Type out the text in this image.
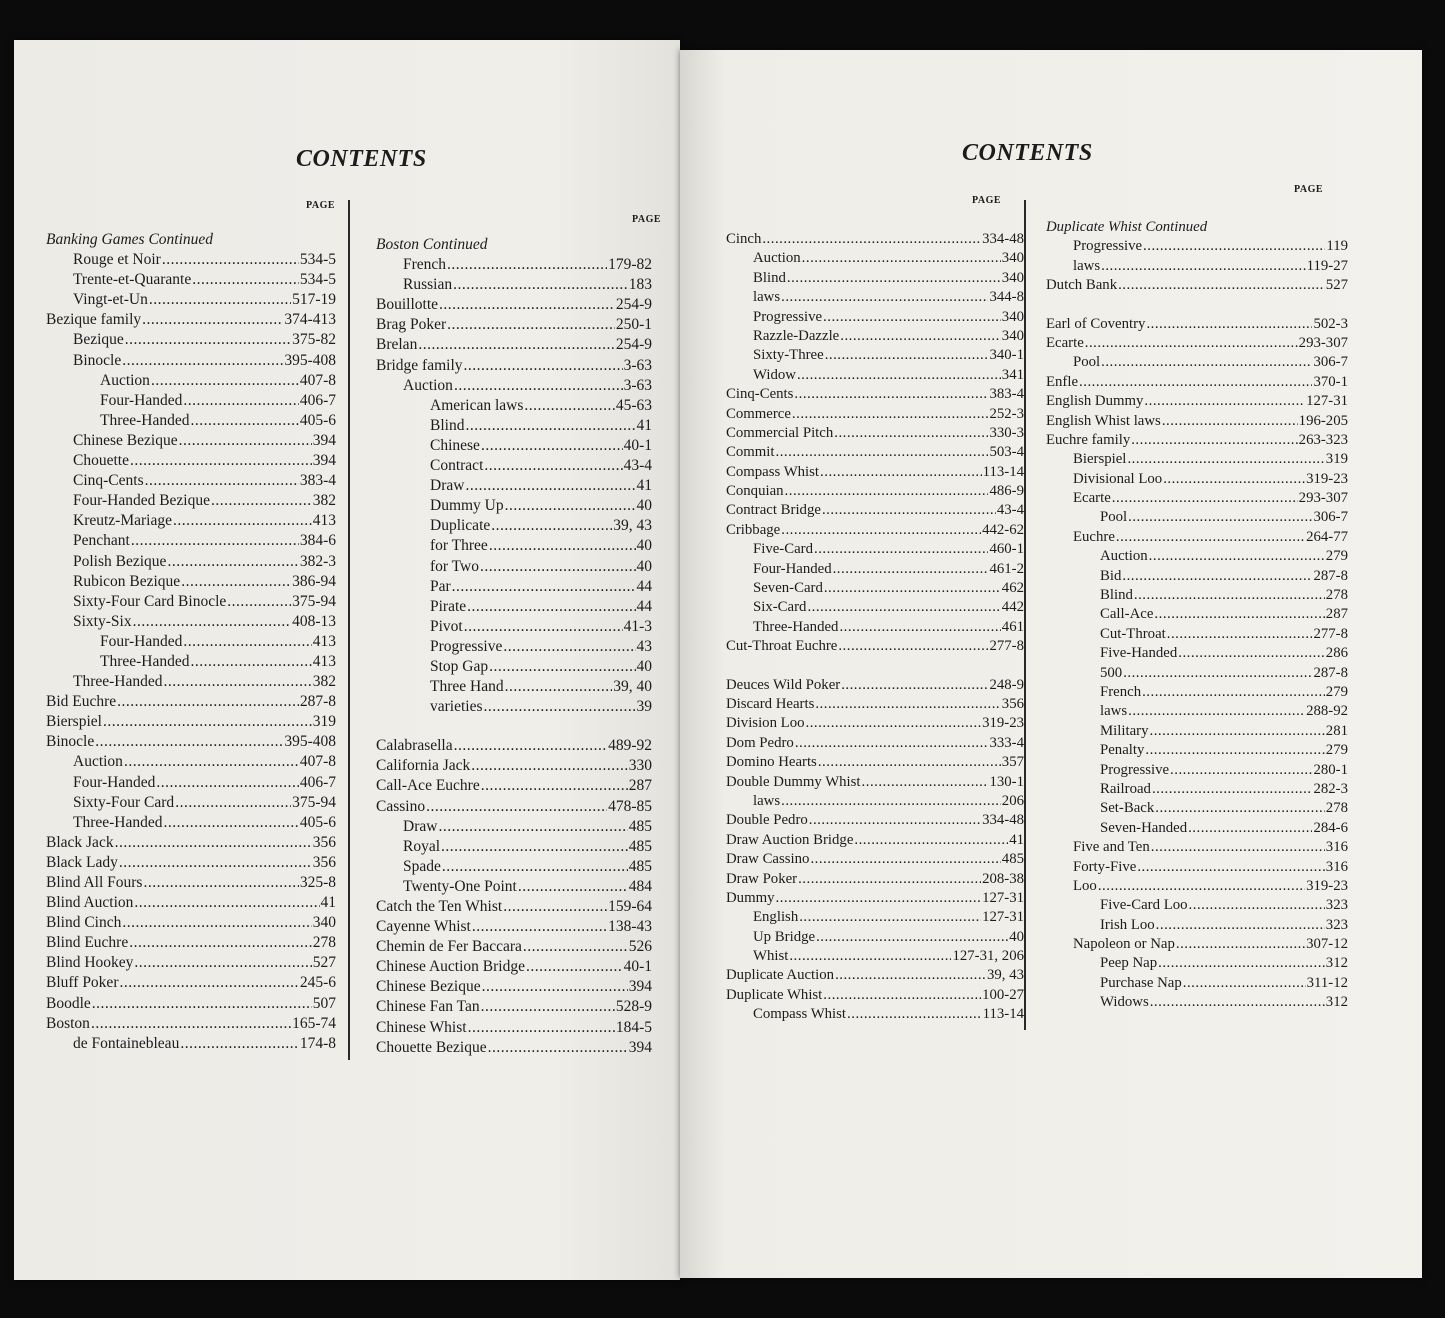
CONTENTS
PAGE
PAGE
Banking Games Continued
Rouge et Noir .....	534-5
Trente-et-Quarante .....	534-5
Vingt-et-Un .....	517-19
Bezique family .....	374-413
Bezique .....	375-82
Binocle .....	395-408
Auction .....	407-8
Four-Handed .....	406-7
Three-Handed .....	405-6
Chinese Bezique .....	394
Chouette .....	394
Cinq-Cents .....	383-4
Four-Handed Bezique .....	382
Kreutz-Mariage .....	413
Penchant .....	384-6
Polish Bezique .....	382-3
Rubicon Bezique .....	386-94
Sixty-Four Card Binocle .....	375-94
Sixty-Six .....	408-13
Four-Handed .....	413
Three-Handed .....	413
Three-Handed .....	382
Bid Euchre .....	287-8
Bierspiel .....	319
Binocle .....	395-408
Auction .....	407-8
Four-Handed .....	406-7
Sixty-Four Card .....	375-94
Three-Handed .....	405-6
Black Jack .....	356
Black Lady .....	356
Blind All Fours .....	325-8
Blind Auction .....	41
Blind Cinch .....	340
Blind Euchre .....	278
Blind Hookey .....	527
Bluff Poker .....	245-6
Boodle .....	507
Boston .....	165-74
de Fontainebleau .....	174-8
Boston Continued
French .....	179-82
Russian .....	183
Bouillotte .....	254-9
Brag Poker .....	250-1
Brelan .....	254-9
Bridge family .....	3-63
Auction .....	3-63
American laws .....	45-63
Blind .....	41
Chinese .....	40-1
Contract .....	43-4
Draw .....	41
Dummy Up .....	40
Duplicate .....	39, 43
for Three .....	40
for Two .....	40
Par .....	44
Pirate .....	44
Pivot .....	41-3
Progressive .....	43
Stop Gap .....	40
Three Hand .....	39, 40
varieties .....	39
Calabrasella .....	489-92
California Jack .....	330
Call-Ace Euchre .....	287
Cassino .....	478-85
Draw .....	485
Royal .....	485
Spade .....	485
Twenty-One Point .....	484
Catch the Ten Whist .....	159-64
Cayenne Whist .....	138-43
Chemin de Fer Baccara .....	526
Chinese Auction Bridge .....	40-1
Chinese Bezique .....	394
Chinese Fan Tan .....	528-9
Chinese Whist .....	184-5
Chouette Bezique .....	394
CONTENTS
PAGE
PAGE
Cinch .....	334-48
Auction .....	340
Blind .....	340
laws .....	344-8
Progressive .....	340
Razzle-Dazzle .....	340
Sixty-Three .....	340-1
Widow .....	341
Cinq-Cents .....	383-4
Commerce .....	252-3
Commercial Pitch .....	330-3
Commit .....	503-4
Compass Whist .....	113-14
Conquian .....	486-9
Contract Bridge .....	43-4
Cribbage .....	442-62
Five-Card .....	460-1
Four-Handed .....	461-2
Seven-Card .....	462
Six-Card .....	442
Three-Handed .....	461
Cut-Throat Euchre .....	277-8
Deuces Wild Poker .....	248-9
Discard Hearts .....	356
Division Loo .....	319-23
Dom Pedro .....	333-4
Domino Hearts .....	357
Double Dummy Whist .....	130-1
laws .....	206
Double Pedro .....	334-48
Draw Auction Bridge .....	41
Draw Cassino .....	485
Draw Poker .....	208-38
Dummy .....	127-31
English .....	127-31
Up Bridge .....	40
Whist .....	127-31, 206
Duplicate Auction .....	39, 43
Duplicate Whist .....	100-27
Compass Whist .....	113-14
Duplicate Whist Continued
Progressive .....	119
laws .....	119-27
Dutch Bank .....	527
Earl of Coventry .....	502-3
Ecarte .....	293-307
Pool .....	306-7
Enfle .....	370-1
English Dummy .....	127-31
English Whist laws .....	196-205
Euchre family .....	263-323
Bierspiel .....	319
Divisional Loo .....	319-23
Ecarte .....	293-307
Pool .....	306-7
Euchre .....	264-77
Auction .....	279
Bid .....	287-8
Blind .....	278
Call-Ace .....	287
Cut-Throat .....	277-8
Five-Handed .....	286
500 .....	287-8
French .....	279
laws .....	288-92
Military .....	281
Penalty .....	279
Progressive .....	280-1
Railroad .....	282-3
Set-Back .....	278
Seven-Handed .....	284-6
Five and Ten .....	316
Forty-Five .....	316
Loo .....	319-23
Five-Card Loo .....	323
Irish Loo .....	323
Napoleon or Nap .....	307-12
Peep Nap .....	312
Purchase Nap .....	311-12
Widows .....	312
